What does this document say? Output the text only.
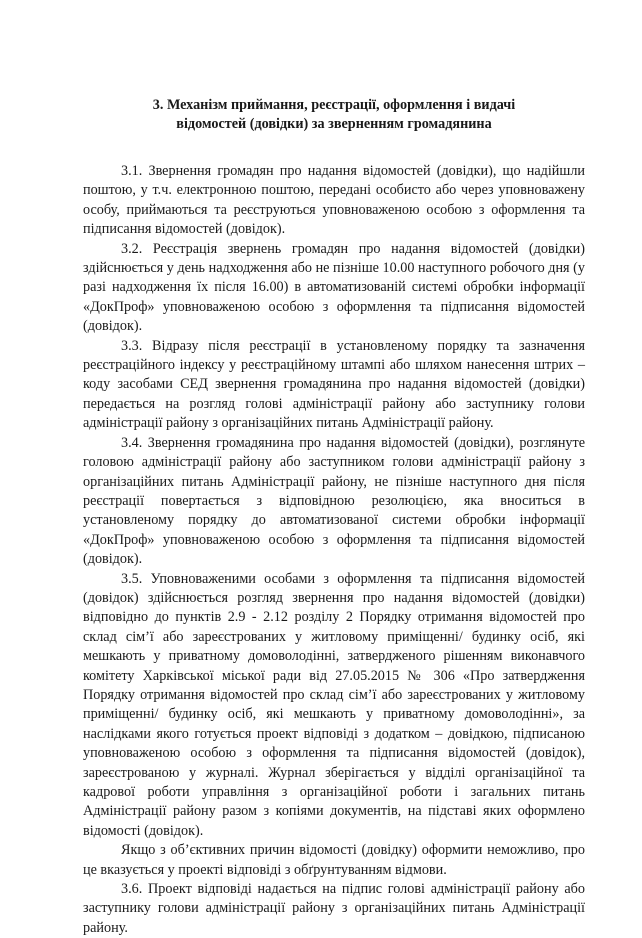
3. Механізм приймання, реєстрації, оформлення і видачі
відомостей (довідки) за зверненням громадянина

3.1. Звернення громадян про надання відомостей (довідки), що надійшли поштою, у т.ч. електронною поштою, передані особисто або через уповноважену особу, приймаються та реєструються уповноваженою особою з оформлення та підписання відомостей (довідок).

3.2. Реєстрація звернень громадян про надання відомостей (довідки) здійснюється у день надходження або не пізніше 10.00 наступного робочого дня (у разі надходження їх після 16.00) в автоматизованій системі обробки інформації «ДокПроф» уповноваженою особою з оформлення та підписання відомостей (довідок).

3.3. Відразу після реєстрації в установленому порядку та зазначення реєстраційного індексу у реєстраційному штампі або шляхом нанесення штрих – коду засобами СЕД звернення громадянина про надання відомостей (довідки) передається на розгляд голові адміністрації району або заступнику голови адміністрації району з організаційних питань Адміністрації району.

3.4. Звернення громадянина про надання відомостей (довідки), розглянуте головою адміністрації району або заступником голови адміністрації району з організаційних питань Адміністрації району, не пізніше наступного дня після реєстрації повертається з відповідною резолюцією, яка вноситься в установленому порядку до автоматизованої системи обробки інформації «ДокПроф» уповноваженою особою з оформлення та підписання відомостей (довідок).

3.5. Уповноваженими особами з оформлення та підписання відомостей (довідок) здійснюється розгляд звернення про надання відомостей (довідки) відповідно до пунктів 2.9 - 2.12 розділу 2 Порядку отримання відомостей про склад сім’ї або зареєстрованих у житловому приміщенні/ будинку осіб, які мешкають у приватному домоволодінні, затвердженого рішенням виконавчого комітету Харківської міської ради від 27.05.2015 № 306 «Про затвердження Порядку отримання відомостей про склад сім’ї або зареєстрованих у житловому приміщенні/ будинку осіб, які мешкають у приватному домоволодінні», за наслідками якого готується проект відповіді з додатком – довідкою, підписаною уповноваженою особою з оформлення та підписання відомостей (довідок), зареєстрованою у журналі. Журнал зберігається у відділі організаційної та кадрової роботи управління з організаційної роботи і загальних питань Адміністрації району разом з копіями документів, на підставі яких оформлено відомості (довідок).

Якщо з об’єктивних причин відомості (довідку) оформити неможливо, про це вказується у проекті відповіді з обґрунтуванням відмови.

3.6. Проект відповіді надається на підпис голові адміністрації району або заступнику голови адміністрації району з організаційних питань Адміністрації району.
